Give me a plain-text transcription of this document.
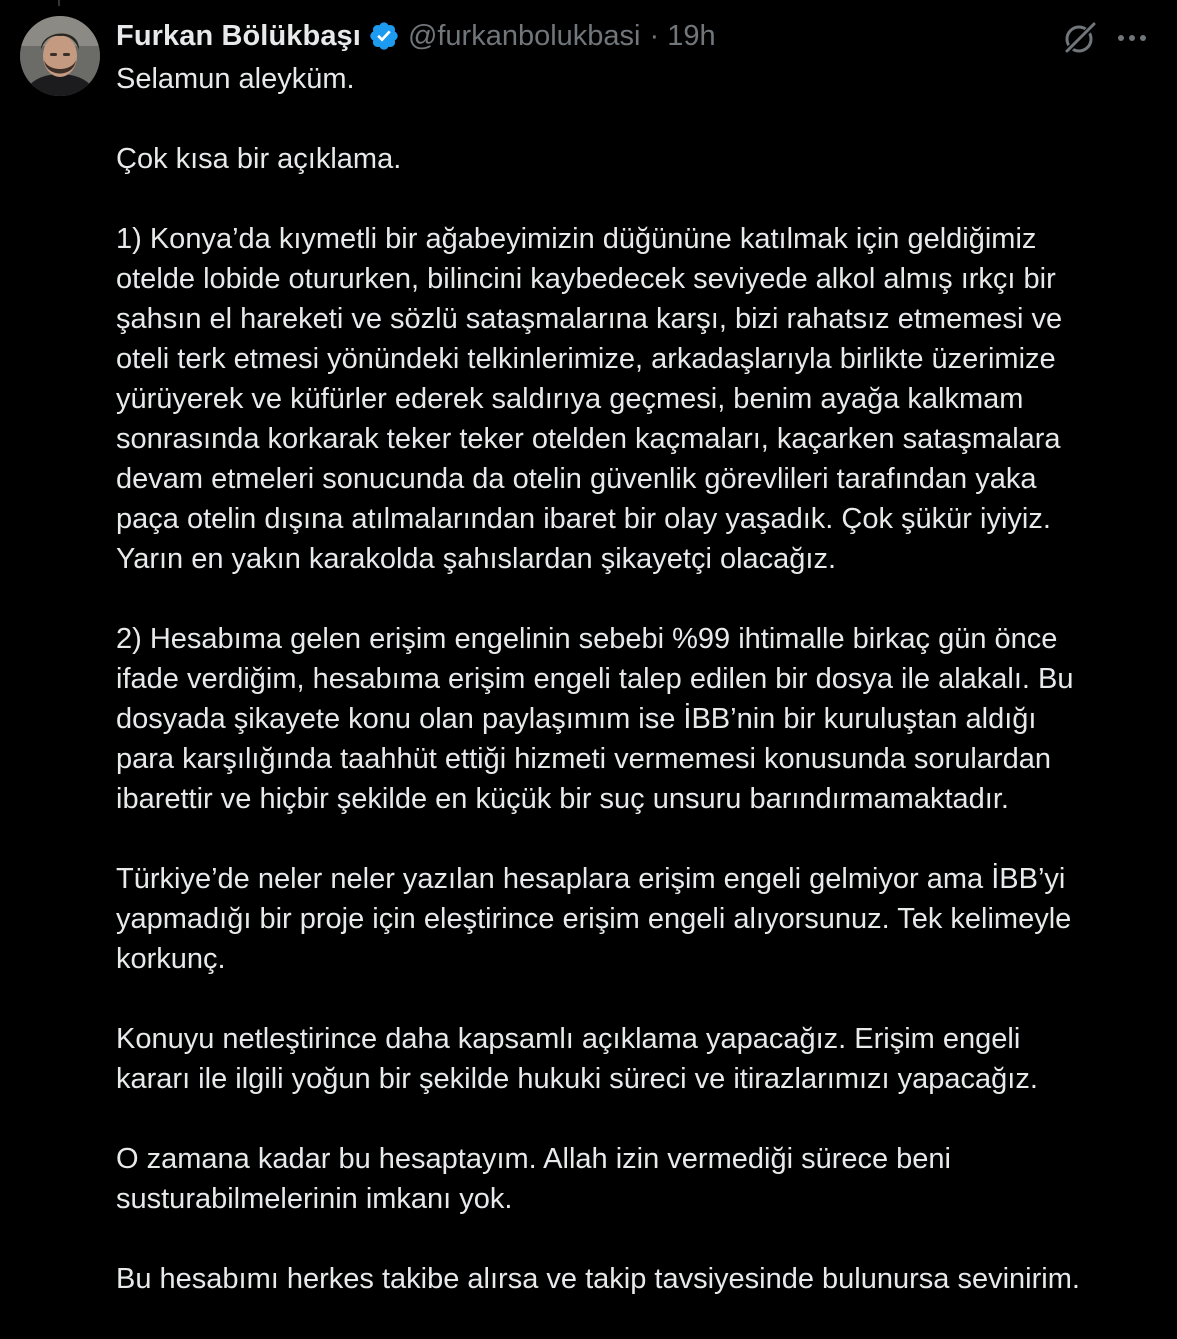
Furkan Bölükbaşı @furkanbolukbasi · 19h

Selamun aleyküm.

Çok kısa bir açıklama.

1) Konya’da kıymetli bir ağabeyimizin düğününe katılmak için geldiğimiz
otelde lobide otururken, bilincini kaybedecek seviyede alkol almış ırkçı bir
şahsın el hareketi ve sözlü sataşmalarına karşı, bizi rahatsız etmemesi ve
oteli terk etmesi yönündeki telkinlerimize, arkadaşlarıyla birlikte üzerimize
yürüyerek ve küfürler ederek saldırıya geçmesi, benim ayağa kalkmam
sonrasında korkarak teker teker otelden kaçmaları, kaçarken sataşmalara
devam etmeleri sonucunda da otelin güvenlik görevlileri tarafından yaka
paça otelin dışına atılmalarından ibaret bir olay yaşadık. Çok şükür iyiyiz.
Yarın en yakın karakolda şahıslardan şikayetçi olacağız.

2) Hesabıma gelen erişim engelinin sebebi %99 ihtimalle birkaç gün önce
ifade verdiğim, hesabıma erişim engeli talep edilen bir dosya ile alakalı. Bu
dosyada şikayete konu olan paylaşımım ise İBB’nin bir kuruluştan aldığı
para karşılığında taahhüt ettiği hizmeti vermemesi konusunda sorulardan
ibarettir ve hiçbir şekilde en küçük bir suç unsuru barındırmamaktadır.

Türkiye’de neler neler yazılan hesaplara erişim engeli gelmiyor ama İBB’yi
yapmadığı bir proje için eleştirince erişim engeli alıyorsunuz. Tek kelimeyle
korkunç.

Konuyu netleştirince daha kapsamlı açıklama yapacağız. Erişim engeli
kararı ile ilgili yoğun bir şekilde hukuki süreci ve itirazlarımızı yapacağız.

O zamana kadar bu hesaptayım. Allah izin vermediği sürece beni
susturabilmelerinin imkanı yok.

Bu hesabımı herkes takibe alırsa ve takip tavsiyesinde bulunursa sevinirim.
